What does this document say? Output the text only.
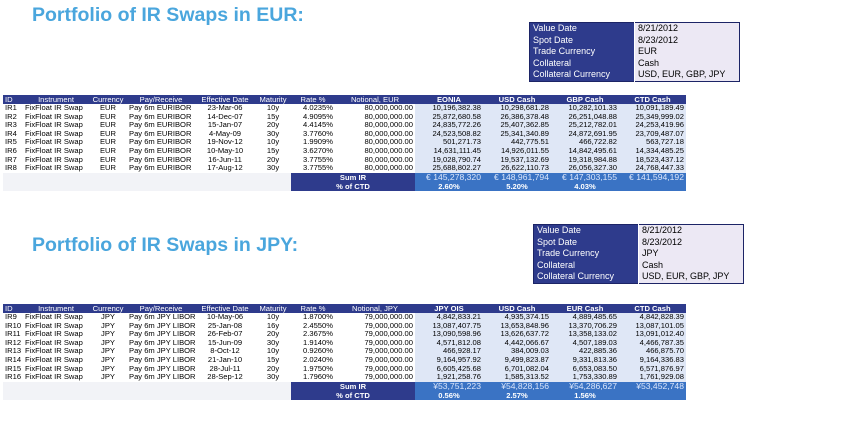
Portfolio of IR Swaps in EUR:
Value Date	8/21/2012
Spot Date	8/23/2012
Trade Currency	EUR
Collateral	Cash
Collateral Currency	USD, EUR, GBP, JPY
ID	Instrument	Currency	Pay/Receive	Effective Date	Maturity	Rate %	Notional, EUR	EONIA	USD Cash	GBP Cash	CTD Cash
IR1	FixFloat IR Swap	EUR	Pay 6m EURIBOR	23-Mar-06	10y	4.0235%	80,000,000.00	10,196,382.38	10,298,681.28	10,282,101.33	10,091,189.49
IR2	FixFloat IR Swap	EUR	Pay 6m EURIBOR	14-Dec-07	15y	4.9095%	80,000,000.00	25,872,680.58	26,386,378.48	26,251,048.88	25,349,999.02
IR3	FixFloat IR Swap	EUR	Pay 6m EURIBOR	15-Jan-07	20y	4.4145%	80,000,000.00	24,835,772.26	25,407,362.85	25,212,782.01	24,253,419.96
IR4	FixFloat IR Swap	EUR	Pay 6m EURIBOR	4-May-09	30y	3.7760%	80,000,000.00	24,523,508.82	25,341,340.89	24,872,691.95	23,709,487.07
IR5	FixFloat IR Swap	EUR	Pay 6m EURIBOR	19-Nov-12	10y	1.9909%	80,000,000.00	501,271.73	442,775.51	466,722.82	563,727.18
IR6	FixFloat IR Swap	EUR	Pay 6m EURIBOR	10-May-10	15y	3.6270%	80,000,000.00	14,631,111.45	14,926,011.55	14,842,495.61	14,334,485.25
IR7	FixFloat IR Swap	EUR	Pay 6m EURIBOR	16-Jun-11	20y	3.7755%	80,000,000.00	19,028,790.74	19,537,132.69	19,318,984.88	18,523,437.12
IR8	FixFloat IR Swap	EUR	Pay 6m EURIBOR	17-Aug-12	30y	3.7755%	80,000,000.00	25,688,802.27	26,622,110.73	26,056,327.30	24,768,447.33
						Sum IR		€ 145,278,320	€ 148,961,794	€ 147,303,155	€ 141,594,192
						% of CTD		2.60%	5.20%	4.03%	
Portfolio of IR Swaps in JPY:
Value Date	8/21/2012
Spot Date	8/23/2012
Trade Currency	JPY
Collateral	Cash
Collateral Currency	USD, EUR, GBP, JPY
ID	Instrument	Currency	Pay/Receive	Effective Date	Maturity	Rate %	Notional, JPY	JPY OIS	USD Cash	EUR Cash	CTD Cash
IR9	FixFloat IR Swap	JPY	Pay 6m JPY LIBOR	10-May-06	10y	1.8700%	79,000,000.00	4,842,833.21	4,935,374.15	4,889,485.65	4,842,828.39
IR10	FixFloat IR Swap	JPY	Pay 6m JPY LIBOR	25-Jan-08	16y	2.4550%	79,000,000.00	13,087,407.75	13,653,848.96	13,370,706.29	13,087,101.05
IR11	FixFloat IR Swap	JPY	Pay 6m JPY LIBOR	26-Feb-07	20y	2.3675%	79,000,000.00	13,090,598.96	13,626,637.72	13,358,133.02	13,091,012.40
IR12	FixFloat IR Swap	JPY	Pay 6m JPY LIBOR	15-Jun-09	30y	1.9140%	79,000,000.00	4,571,812.08	4,442,066.67	4,507,189.03	4,466,787.35
IR13	FixFloat IR Swap	JPY	Pay 6m JPY LIBOR	8-Oct-12	10y	0.9260%	79,000,000.00	466,928.17	384,009.03	422,885.36	466,875.70
IR14	FixFloat IR Swap	JPY	Pay 6m JPY LIBOR	21-Jan-10	15y	2.0240%	79,000,000.00	9,164,957.92	9,499,823.87	9,331,813.36	9,164,336.83
IR15	FixFloat IR Swap	JPY	Pay 6m JPY LIBOR	28-Jul-11	20y	1.9750%	79,000,000.00	6,605,425.68	6,701,082.04	6,653,083.50	6,571,876.97
IR16	FixFloat IR Swap	JPY	Pay 6m JPY LIBOR	28-Sep-12	30y	1.7960%	79,000,000.00	1,921,258.76	1,585,313.52	1,753,330.89	1,761,929.08
						Sum IR		¥53,751,223	¥54,828,156	¥54,286,627	¥53,452,748
						% of CTD		0.56%	2.57%	1.56%	
